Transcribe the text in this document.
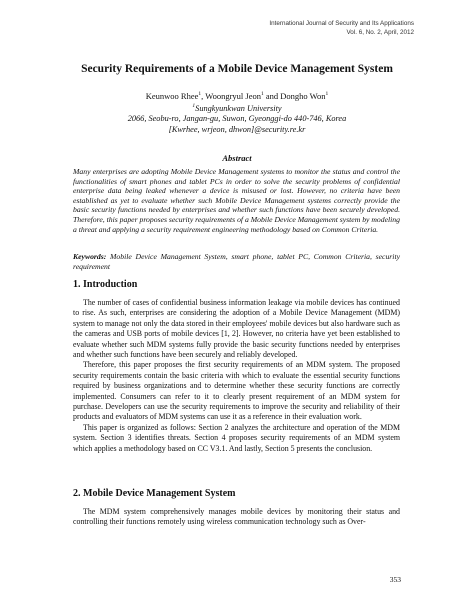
International Journal of Security and Its Applications
Vol. 6, No. 2, April, 2012
Security Requirements of a Mobile Device Management System
Keunwoo Rhee$^1$, Woongryul Jeon$^1$ and Dongho Won$^1$
$^1$Sungkyunkwan University
2066, Seobu-ro, Jangan-gu, Suwon, Gyeonggi-do 440-746, Korea
[Kwrhee, wrjeon, dhwon]@security.re.kr
Abstract

Many enterprises are adopting Mobile Device Management systems to monitor the status and control the functionalities of smart phones and tablet PCs in order to solve the security problems of confidential enterprise data being leaked whenever a device is misused or lost. However, no criteria have been established as yet to evaluate whether such Mobile Device Management systems correctly provide the basic security functions needed by enterprises and whether such functions have been securely developed. Therefore, this paper proposes security requirements of a Mobile Device Management system by modeling a threat and applying a security requirement engineering methodology based on Common Criteria.

Keywords: Mobile Device Management System, smart phone, tablet PC, Common Criteria, security requirement

1. Introduction

The number of cases of confidential business information leakage via mobile devices has continued to rise. As such, enterprises are considering the adoption of a Mobile Device Management (MDM) system to manage not only the data stored in their employees' mobile devices but also hardware such as the cameras and USB ports of mobile devices [1, 2]. However, no criteria have yet been established to evaluate whether such MDM systems fully provide the basic security functions needed by enterprises and whether such functions have been securely and reliably developed.

Therefore, this paper proposes the first security requirements of an MDM system. The proposed security requirements contain the basic criteria with which to evaluate the essential security functions required by business organizations and to determine whether these security functions are correctly implemented. Consumers can refer to it to clearly present requirement of an MDM system for purchase. Developers can use the security requirements to improve the security and reliability of their products and evaluators of MDM systems can use it as a reference in their evaluation work.

This paper is organized as follows: Section 2 analyzes the architecture and operation of the MDM system. Section 3 identifies threats. Section 4 proposes security requirements of an MDM system which applies a methodology based on CC V3.1. And lastly, Section 5 presents the conclusion.

2. Mobile Device Management System

The MDM system comprehensively manages mobile devices by monitoring their status and controlling their functions remotely using wireless communication technology such as Over-

353
